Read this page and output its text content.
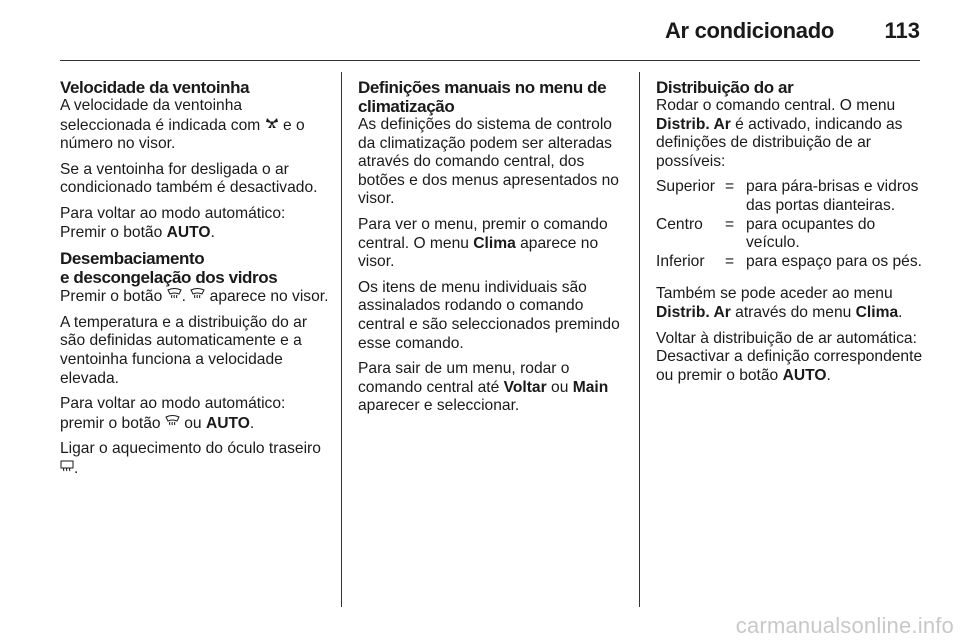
Ar condicionado 113
Velocidade da ventoinha

A velocidade da ventoinha seleccionada é indicada com e o número no visor.

Se a ventoinha for desligada o ar condicionado também é desactivado.

Para voltar ao modo automático: Premir o botão AUTO.

Desembaciamento
e descongelação dos vidros

Premir o botão . aparece no visor.

A temperatura e a distribuição do ar são definidas automaticamente e a ventoinha funciona a velocidade elevada.

Para voltar ao modo automático: premir o botão ou AUTO.

Ligar o aquecimento do óculo traseiro .

Definições manuais no menu de climatização

As definições do sistema de controlo da climatização podem ser alteradas através do comando central, dos botões e dos menus apresentados no visor.

Para ver o menu, premir o comando central. O menu Clima aparece no visor.

Os itens de menu individuais são assinalados rodando o comando central e são seleccionados premindo esse comando.

Para sair de um menu, rodar o comando central até Voltar ou Main aparecer e seleccionar.

Distribuição do ar

Rodar o comando central. O menu Distrib. Ar é activado, indicando as definições de distribuição de ar possíveis:

Superior = para pára-brisas e vidros das portas dianteiras.
Centro	= para ocupantes do veículo.
Inferior	= para espaço para os pés.

Também se pode aceder ao menu Distrib. Ar através do menu Clima.

Voltar à distribuição de ar automática: Desactivar a definição correspondente ou premir o botão AUTO.

carmanualsonline.info
